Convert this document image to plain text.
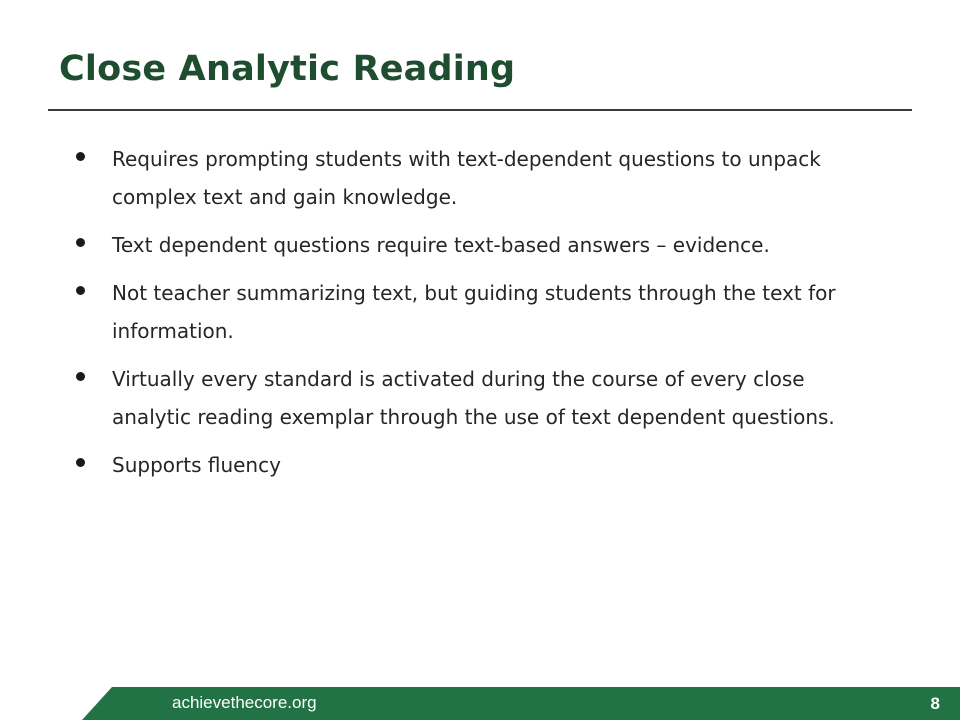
Close Analytic Reading
Requires prompting students with text-dependent questions to unpack complex text and gain knowledge.
Text dependent questions require text-based answers – evidence.
Not teacher summarizing text, but guiding students through the text for information.
Virtually every standard is activated during the course of every close analytic reading exemplar through the use of text dependent questions.
Supports fluency
achievethecore.org	8
